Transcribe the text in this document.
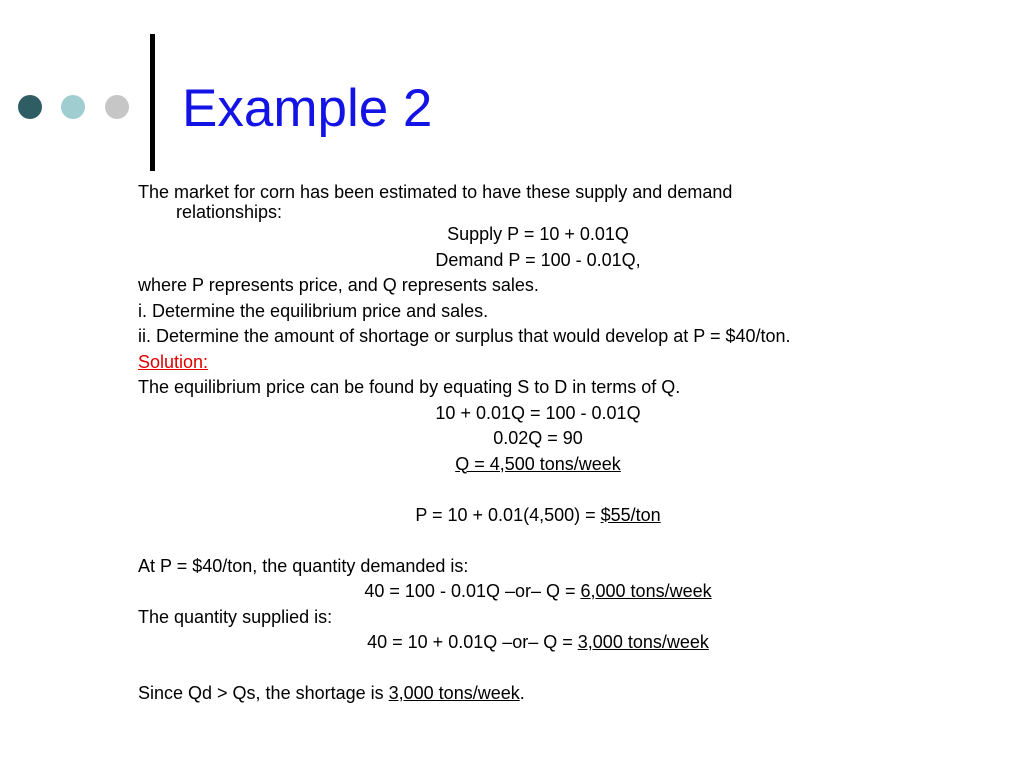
Example 2
The market for corn has been estimated to have these supply and demand
relationships:
Supply P = 10 + 0.01Q
Demand P = 100 - 0.01Q,
where P represents price, and Q represents sales.
i. Determine the equilibrium price and sales.
ii. Determine the amount of shortage or surplus that would develop at P = $40/ton.
Solution:
The equilibrium price can be found by equating S to D in terms of Q.
10 + 0.01Q = 100 - 0.01Q
0.02Q = 90
Q = 4,500 tons/week
P = 10 + 0.01(4,500) = $55/ton
At P = $40/ton, the quantity demanded is:
40 = 100 - 0.01Q –or– Q = 6,000 tons/week
The quantity supplied is:
40 = 10 + 0.01Q –or– Q = 3,000 tons/week
Since Qd > Qs, the shortage is 3,000 tons/week.
